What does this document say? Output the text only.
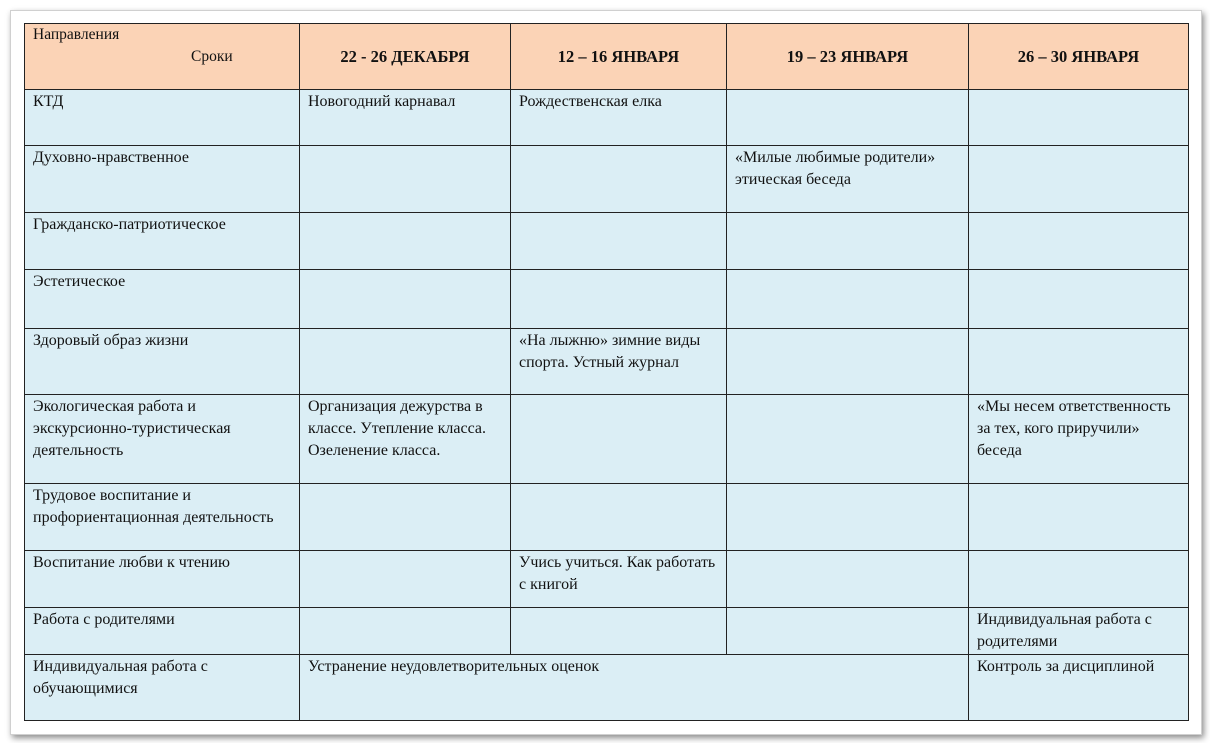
Направления
Сроки	22 - 26 ДЕКАБРЯ	12 – 16 ЯНВАРЯ	19 – 23 ЯНВАРЯ	26 – 30 ЯНВАРЯ
КТД	Новогодний карнавал	Рождественская елка		
Духовно-нравственное			«Милые любимые родители» этическая беседа	
Гражданско-патриотическое				
Эстетическое				
Здоровый образ жизни		«На лыжню» зимние виды спорта. Устный журнал		
Экологическая работа и экскурсионно-туристическая деятельность	Организация дежурства в классе. Утепление класса. Озеленение класса.			«Мы несем ответственность за тех, кого приручили» беседа
Трудовое воспитание и профориентационная деятельность				
Воспитание любви к чтению		Учись учиться. Как работать с книгой		
Работа с родителями				Индивидуальная работа с родителями
Индивидуальная работа с обучающимися	Устранение неудовлетворительных оценок			Контроль за дисциплиной
